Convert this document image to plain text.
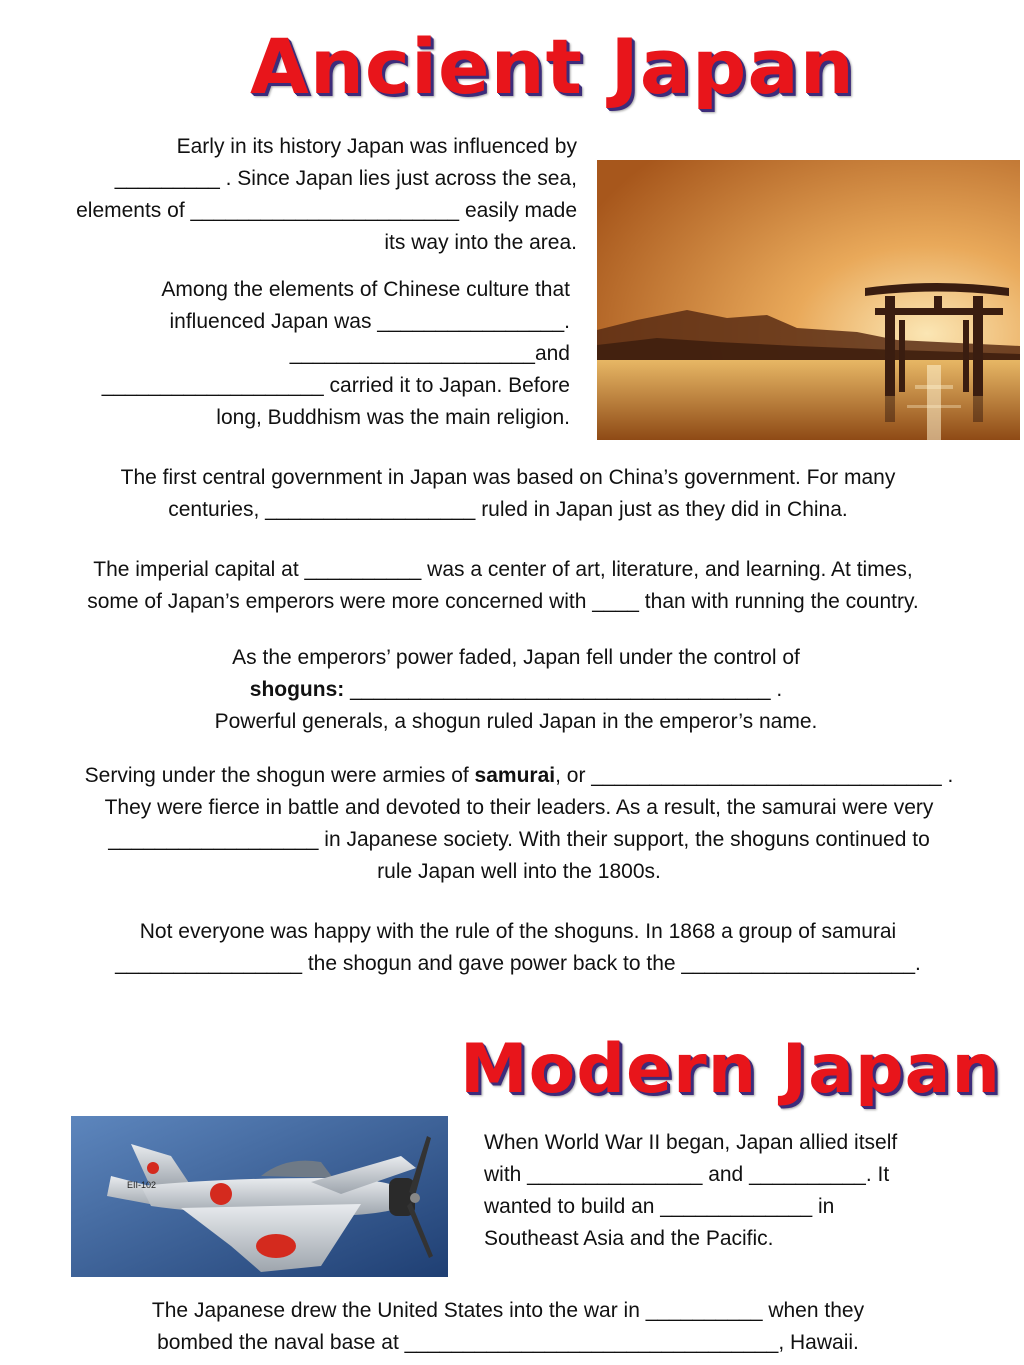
Ancient Japan
Early in its history Japan was influenced by
_________ . Since Japan lies just across the sea,
elements of _______________________ easily made
its way into the area.
Among the elements of Chinese culture that
influenced Japan was ________________.
_____________________and
___________________ carried it to Japan. Before
long, Buddhism was the main religion.
The first central government in Japan was based on China’s government. For many
centuries, __________________ ruled in Japan just as they did in China.
The imperial capital at __________ was a center of art, literature, and learning. At times,
some of Japan’s emperors were more concerned with ____ than with running the country.
As the emperors’ power faded, Japan fell under the control of
shoguns: ____________________________________ .
Powerful generals, a shogun ruled Japan in the emperor’s name.
Serving under the shogun were armies of samurai, or ______________________________ .
They were fierce in battle and devoted to their leaders. As a result, the samurai were very
__________________ in Japanese society. With their support, the shoguns continued to
rule Japan well into the 1800s.
Not everyone was happy with the rule of the shoguns. In 1868 a group of samurai
________________ the shogun and gave power back to the ____________________.
Modern Japan
EII-102
When World War II began, Japan allied itself
with _______________ and __________. It
wanted to build an _____________ in
Southeast Asia and the Pacific.
The Japanese drew the United States into the war in __________ when they
bombed the naval base at ________________________________, Hawaii.
